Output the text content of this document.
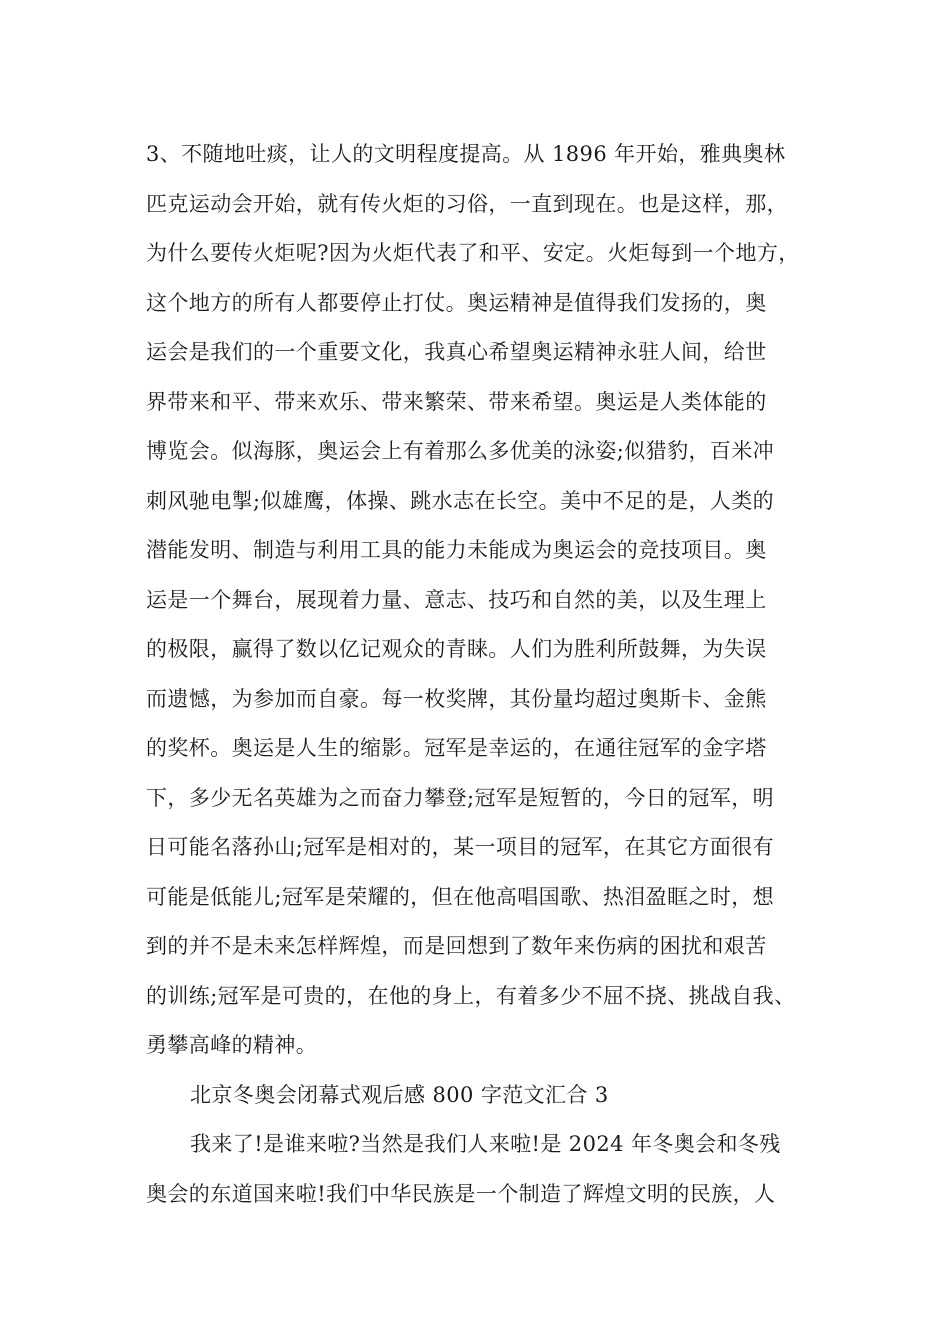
3、不随地吐痰，让人的文明程度提高。从 1896 年开始，雅典奥林
匹克运动会开始，就有传火炬的习俗，一直到现在。也是这样，那，
为什么要传火炬呢?因为火炬代表了和平、安定。火炬每到一个地方，
这个地方的所有人都要停止打仗。奥运精神是值得我们发扬的，奥
运会是我们的一个重要文化，我真心希望奥运精神永驻人间，给世
界带来和平、带来欢乐、带来繁荣、带来希望。奥运是人类体能的
博览会。似海豚，奥运会上有着那么多优美的泳姿;似猎豹，百米冲
刺风驰电掣;似雄鹰，体操、跳水志在长空。美中不足的是，人类的
潜能发明、制造与利用工具的能力未能成为奥运会的竞技项目。奥
运是一个舞台，展现着力量、意志、技巧和自然的美，以及生理上
的极限，赢得了数以亿记观众的青睐。人们为胜利所鼓舞，为失误
而遗憾，为参加而自豪。每一枚奖牌，其份量均超过奥斯卡、金熊
的奖杯。奥运是人生的缩影。冠军是幸运的，在通往冠军的金字塔
下，多少无名英雄为之而奋力攀登;冠军是短暂的，今日的冠军，明
日可能名落孙山;冠军是相对的，某一项目的冠军，在其它方面很有
可能是低能儿;冠军是荣耀的，但在他高唱国歌、热泪盈眶之时，想
到的并不是未来怎样辉煌，而是回想到了数年来伤病的困扰和艰苦
的训练;冠军是可贵的，在他的身上，有着多少不屈不挠、挑战自我、
勇攀高峰的精神。
北京冬奥会闭幕式观后感 800 字范文汇合 3
我来了!是谁来啦?当然是我们人来啦!是 2024 年冬奥会和冬残
奥会的东道国来啦!我们中华民族是一个制造了辉煌文明的民族，人
